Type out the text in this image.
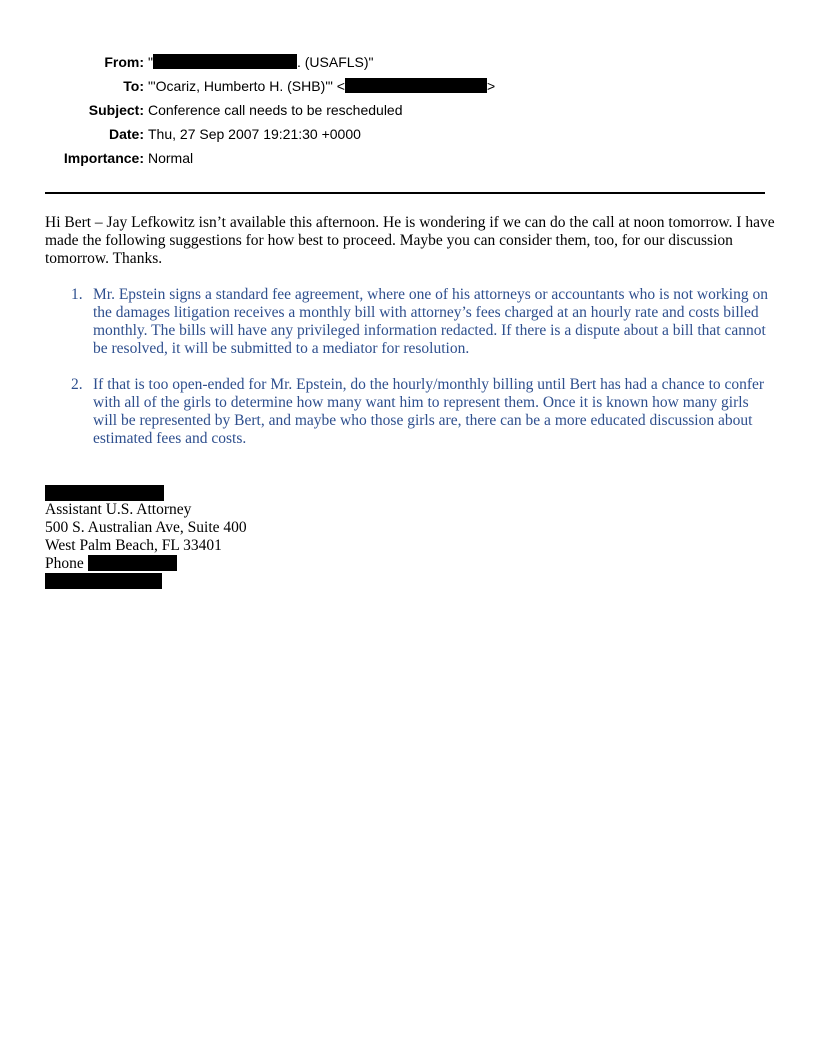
From: "	. (USAFLS)"
To: "'Ocariz, Humberto H. (SHB)'" <	>
Subject: Conference call needs to be rescheduled
Date: Thu, 27 Sep 2007 19:21:30 +0000
Importance: Normal

Hi Bert – Jay Lefkowitz isn’t available this afternoon. He is wondering if we can do the call at noon tomorrow. I have made the following suggestions for how best to proceed. Maybe you can consider them, too, for our discussion tomorrow. Thanks.

1. Mr. Epstein signs a standard fee agreement, where one of his attorneys or accountants who is not working on the damages litigation receives a monthly bill with attorney’s fees charged at an hourly rate and costs billed monthly. The bills will have any privileged information redacted. If there is a dispute about a bill that cannot be resolved, it will be submitted to a mediator for resolution.
2. If that is too open-ended for Mr. Epstein, do the hourly/monthly billing until Bert has had a chance to confer with all of the girls to determine how many want him to represent them. Once it is known how many girls will be represented by Bert, and maybe who those girls are, there can be a more educated discussion about estimated fees and costs.
Assistant U.S. Attorney
500 S. Australian Ave, Suite 400
West Palm Beach, FL 33401
Phone
